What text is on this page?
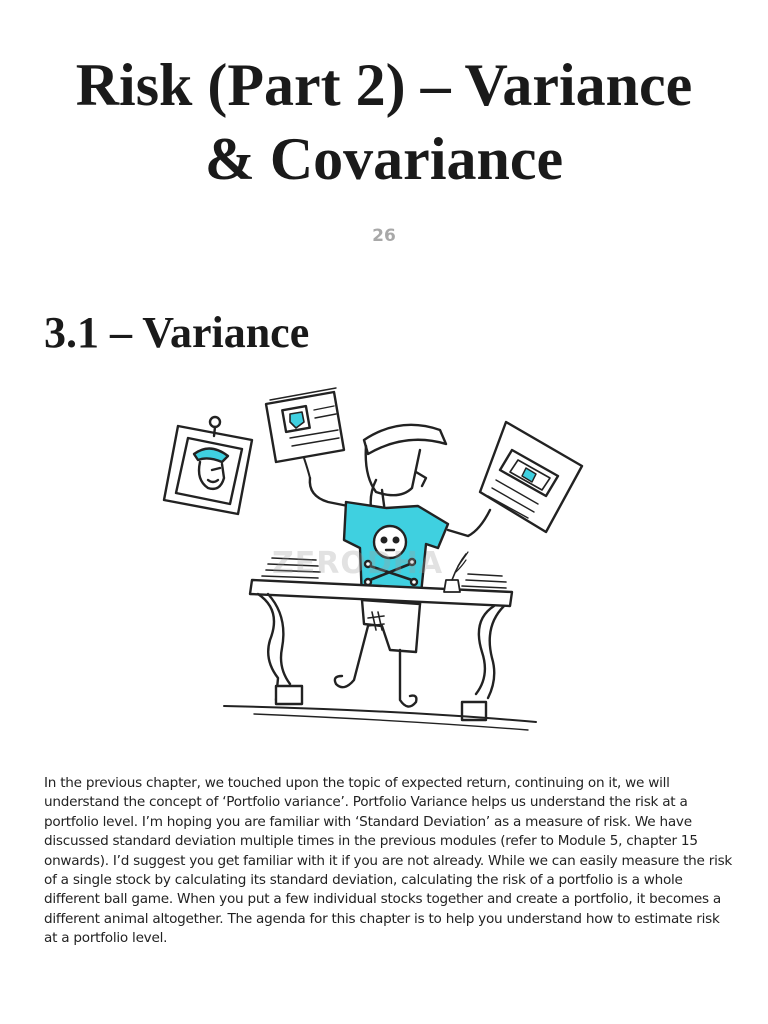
Risk (Part 2) – Variance
& Covariance
26
3.1 – Variance
ZERODHA

In the previous chapter, we touched upon the topic of expected return, continuing on it, we will understand the concept of ‘Portfolio variance’. Portfolio Variance helps us understand the risk at a portfolio level. I’m hoping you are familiar with ‘Standard Deviation’ as a measure of risk. We have discussed standard deviation multiple times in the previous modules (refer to Module 5, chapter 15 onwards). I’d suggest you get familiar with it if you are not already. While we can easily measure the risk of a single stock by calculating its standard deviation, calculating the risk of a portfolio is a whole different ball game. When you put a few individual stocks together and create a portfolio, it becomes a different animal altogether. The agenda for this chapter is to help you understand how to estimate risk at a portfolio level.
